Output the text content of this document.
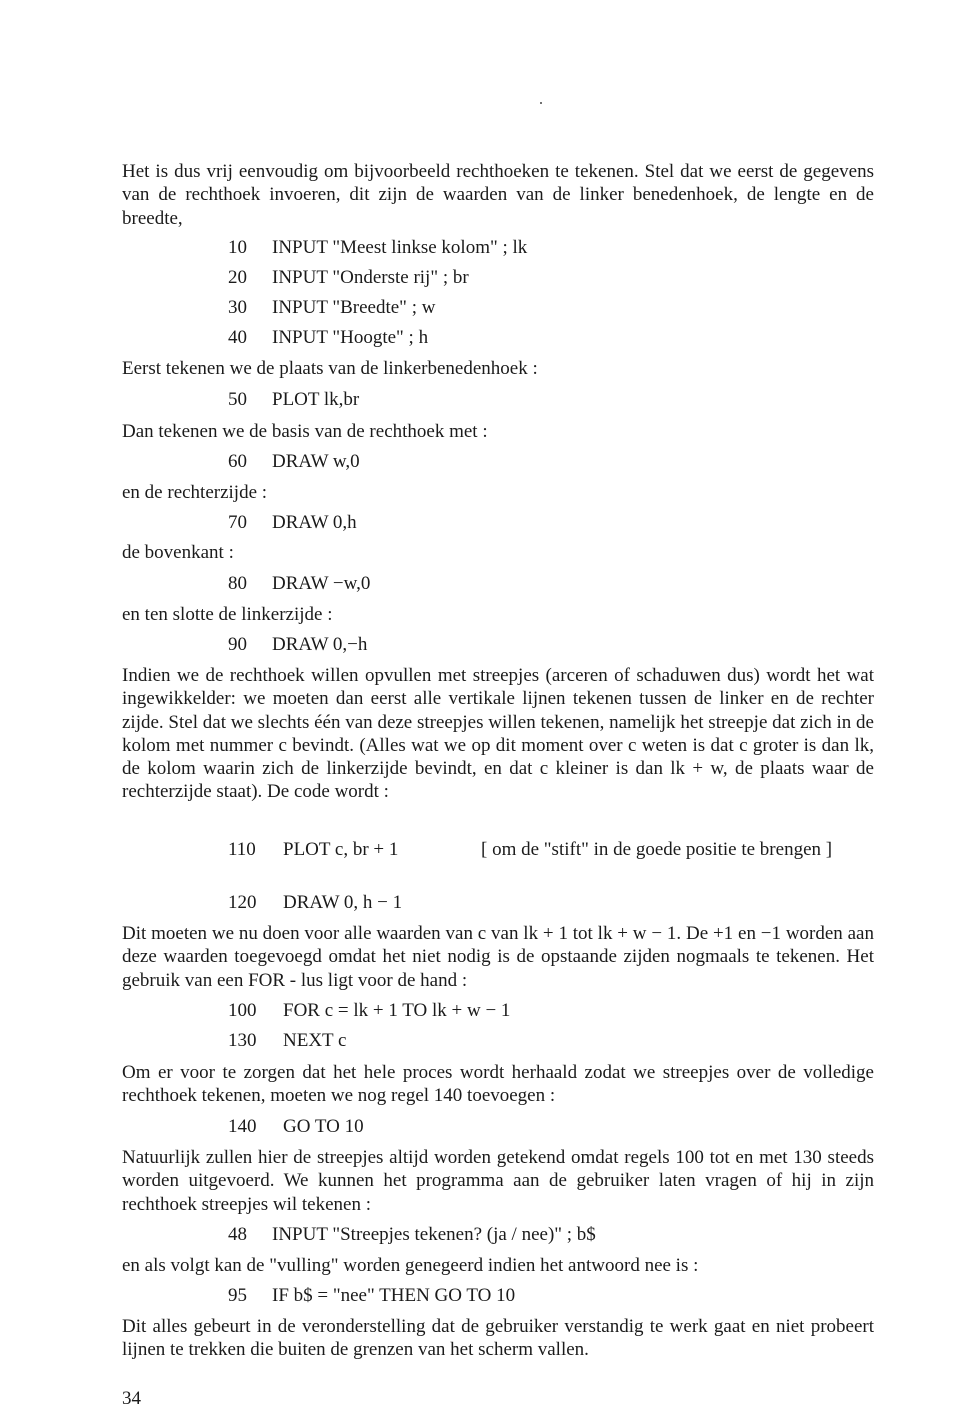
Het is dus vrij eenvoudig om bijvoorbeeld rechthoeken te tekenen. Stel dat we eerst de gegevens van de rechthoek invoeren, dit zijn de waarden van de linker benedenhoek, de lengte en de breedte,

10 INPUT "Meest linkse kolom" ; lk
20 INPUT "Onderste rij" ; br
30 INPUT "Breedte" ; w
40 INPUT "Hoogte" ; h

Eerst tekenen we de plaats van de linkerbenedenhoek :

50 PLOT lk,br

Dan tekenen we de basis van de rechthoek met :

60 DRAW w,0

en de rechterzijde :

70 DRAW 0,h

de bovenkant :

80 DRAW −w,0

en ten slotte de linkerzijde :

90 DRAW 0,−h

Indien we de rechthoek willen opvullen met streepjes (arceren of schaduwen dus) wordt het wat ingewikkelder: we moeten dan eerst alle vertikale lijnen tekenen tussen de linker en de rechter zijde. Stel dat we slechts één van deze streepjes willen tekenen, namelijk het streepje dat zich in de kolom met nummer c bevindt. (Alles wat we op dit moment over c weten is dat c groter is dan lk, de kolom waarin zich de linkerzijde bevindt, en dat c kleiner is dan lk + w, de plaats waar de rechterzijde staat). De code wordt :

110 PLOT c, br + 1	[ om de "stift" in de goede positie te brengen ]
120 DRAW 0, h − 1

Dit moeten we nu doen voor alle waarden van c van lk + 1 tot lk + w − 1. De +1 en −1 worden aan deze waarden toegevoegd omdat het niet nodig is de opstaande zijden nogmaals te tekenen. Het gebruik van een FOR - lus ligt voor de hand :

100 FOR c = lk + 1 TO lk + w − 1
130 NEXT c

Om er voor te zorgen dat het hele proces wordt herhaald zodat we streepjes over de volledige rechthoek tekenen, moeten we nog regel 140 toevoegen :

140 GO TO 10

Natuurlijk zullen hier de streepjes altijd worden getekend omdat regels 100 tot en met 130 steeds worden uitgevoerd. We kunnen het programma aan de gebruiker laten vragen of hij in zijn rechthoek streepjes wil tekenen :

48 INPUT "Streepjes tekenen? (ja / nee)" ; b$

en als volgt kan de "vulling" worden genegeerd indien het antwoord nee is :

95 IF b$ = "nee" THEN GO TO 10

Dit alles gebeurt in de veronderstelling dat de gebruiker verstandig te werk gaat en niet probeert lijnen te trekken die buiten de grenzen van het scherm vallen.

34
